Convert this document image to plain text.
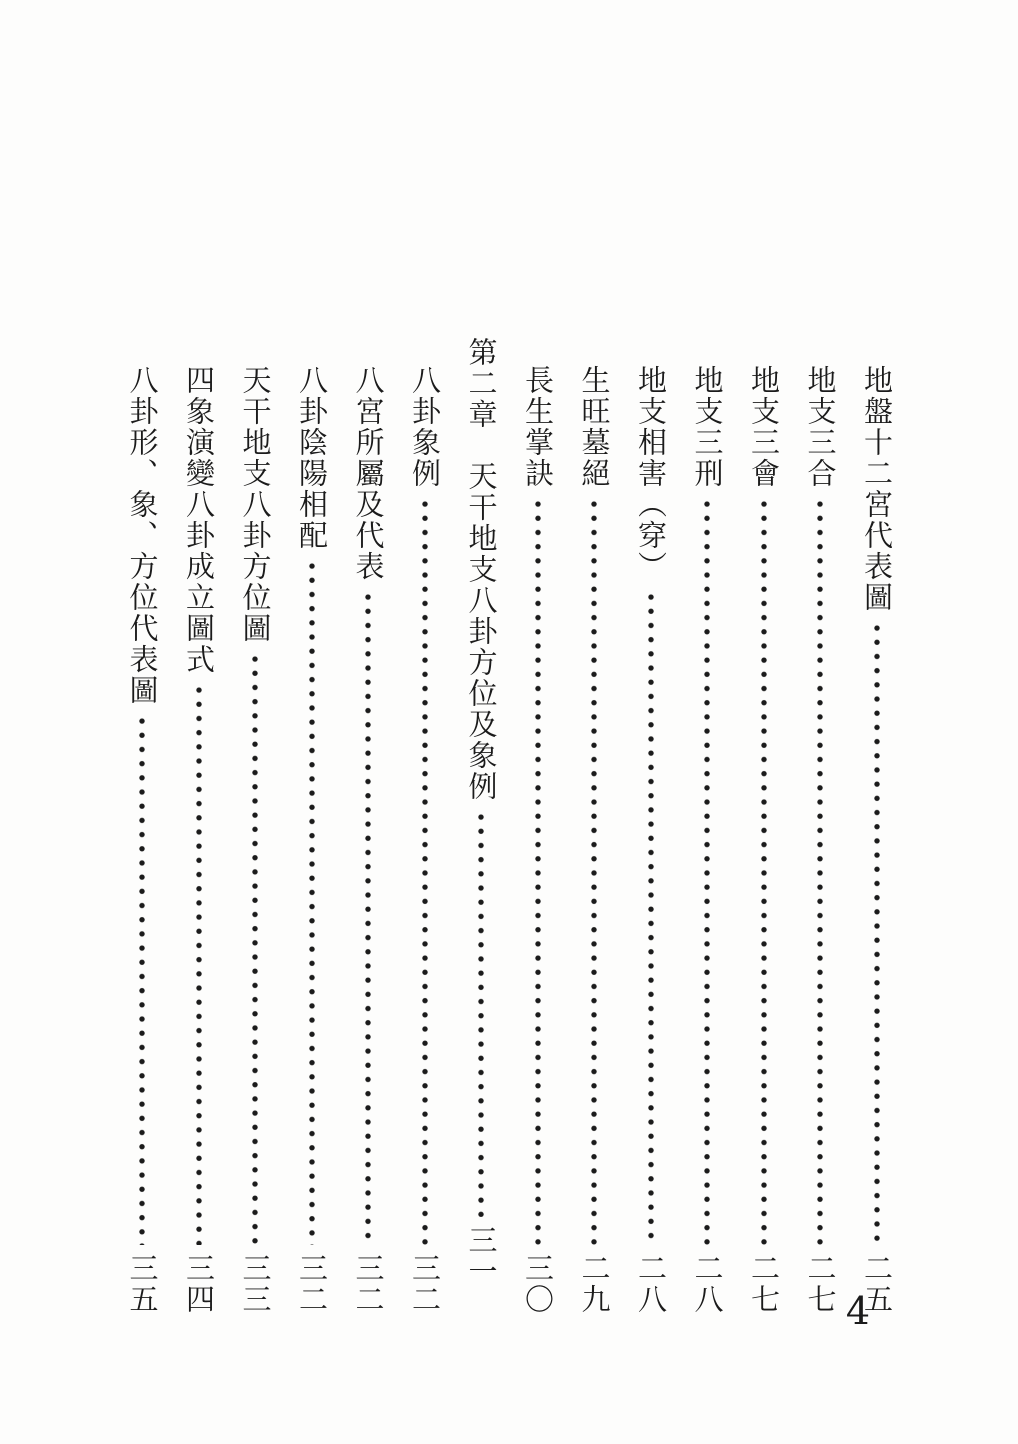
地盤十二宮代表圖
二五
地支三合
二七
地支三會
二七
地支三刑
二八
地支相害（穿）
二八
生旺墓絕
二九
長生掌訣
三〇
第二章　天干地支八卦方位及象例
三一
八卦象例
三二
八宮所屬及代表
三二
八卦陰陽相配
三二
天干地支八卦方位圖
三三
四象演變八卦成立圖式
三四
八卦形、象、方位代表圖
三五	4
